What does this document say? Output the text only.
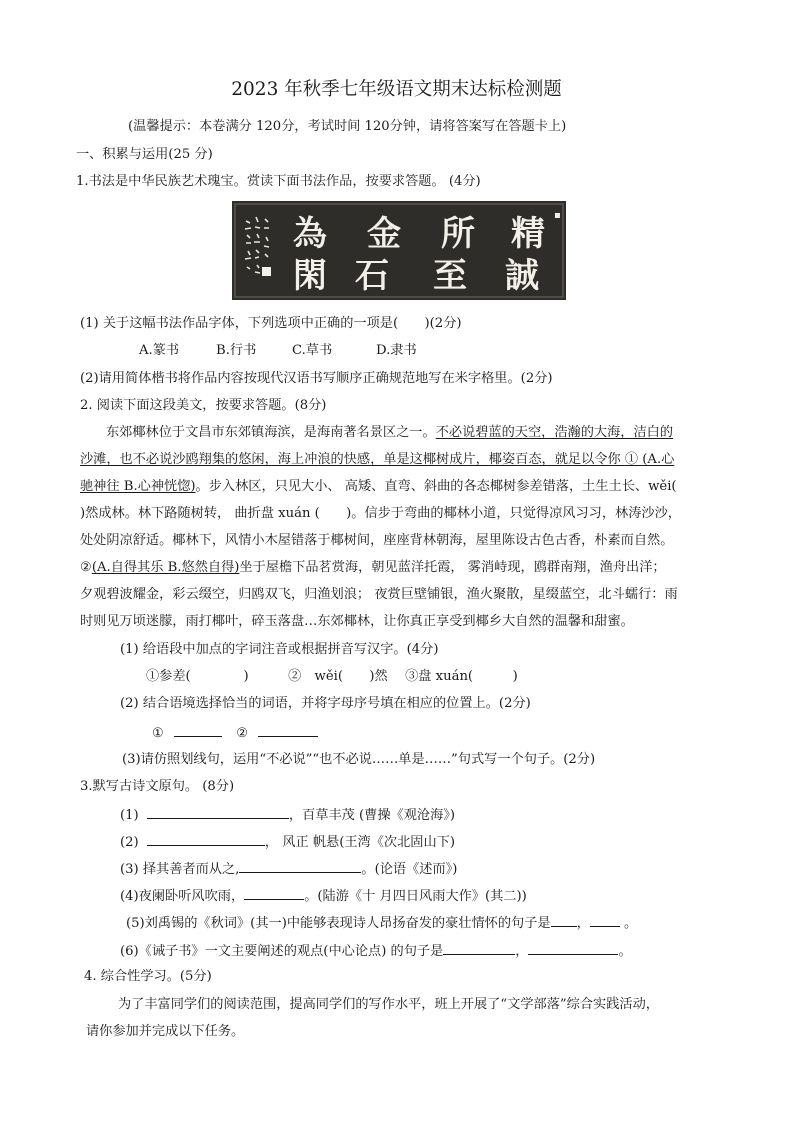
2023 年秋季七年级语文期末达标检测题
(温馨提示：本卷满分 120分，考试时间 120分钟，请将答案写在答题卡上)
一、积累与运用(25 分)
1.书法是中华民族艺术瑰宝。赏读下面书法作品，按要求答题。 (4分)
為 金 所 精
閑 石 至 誠
▪
(1) 关于这幅书法作品字体，下列选项中正确的一项是(　　)(2分)
A.篆书	B.行书	C.草书	D.隶书
(2)请用简体楷书将作品内容按现代汉语书写顺序正确规范地写在米字格里。(2分)
2. 阅读下面这段美文，按要求答题。(8分)
东郊椰林位于文昌市东郊镇海滨，是海南著名景区之一。不必说碧蓝的天空，浩瀚的大海，洁白的
沙滩，也不必说沙鸥翔集的悠闲，海上冲浪的快感，单是这椰树成片，椰姿百态，就足以令你 ① (A.心
驰神往 B.心神恍惚)。步入林区，只见大小、 高矮、直弯、斜曲的各态椰树参差错落，土生土长、wěi(
)然成林。林下路随树转， 曲折盘 xuán (　　)。信步于弯曲的椰林小道，只觉得凉风习习，林涛沙沙，
处处阴凉舒适。椰林下，风情小木屋错落于椰树间，座座背林朝海，屋里陈设古色古香，朴素而自然。
②(A.自得其乐 B.悠然自得)坐于屋檐下品茗赏海，朝见蓝洋托霞， 雾消峙现，鸥群南翔，渔舟出洋；
夕观碧波耀金，彩云缀空，归鸥双飞，归渔划浪； 夜赏巨壁铺银，渔火聚散，星缀蓝空，北斗蠕行：雨
时则见万顷迷朦，雨打椰叶，碎玉落盘…东郊椰林，让你真正享受到椰乡大自然的温馨和甜蜜。
(1) 给语段中加点的字词注音或根据拼音写汉字。(4分)
①参差(　　　　)　　　②　wěi(　　)然　 ③盘 xuán(　　　)
(2) 结合语境选择恰当的词语，并将字母序号填在相应的位置上。(2分)
①	②
(3)请仿照划线句，运用“不必说”“也不必说……单是……”句式写一个句子。(2分)
3.默写古诗文原句。 (8分)
(1)	，百草丰茂 (曹操《观沧海》)
(2)	， 风正 帆悬(王湾《次北固山下)
(3) 择其善者而从之,	。(论语《述而》)
(4)夜阑卧听风吹雨，	。(陆游《十 月四日风雨大作》(其二))
(5)刘禹锡的《秋词》(其一)中能够表现诗人昂扬奋发的豪壮情怀的句子是 ， 。
(6)《诫子书》一文主要阐述的观点(中心论点) 的句子是	，	。
4. 综合性学习。(5分)
为了丰富同学们的阅读范围，提高同学们的写作水平，班上开展了“文学部落”综合实践活动，
请你参加并完成以下任务。
